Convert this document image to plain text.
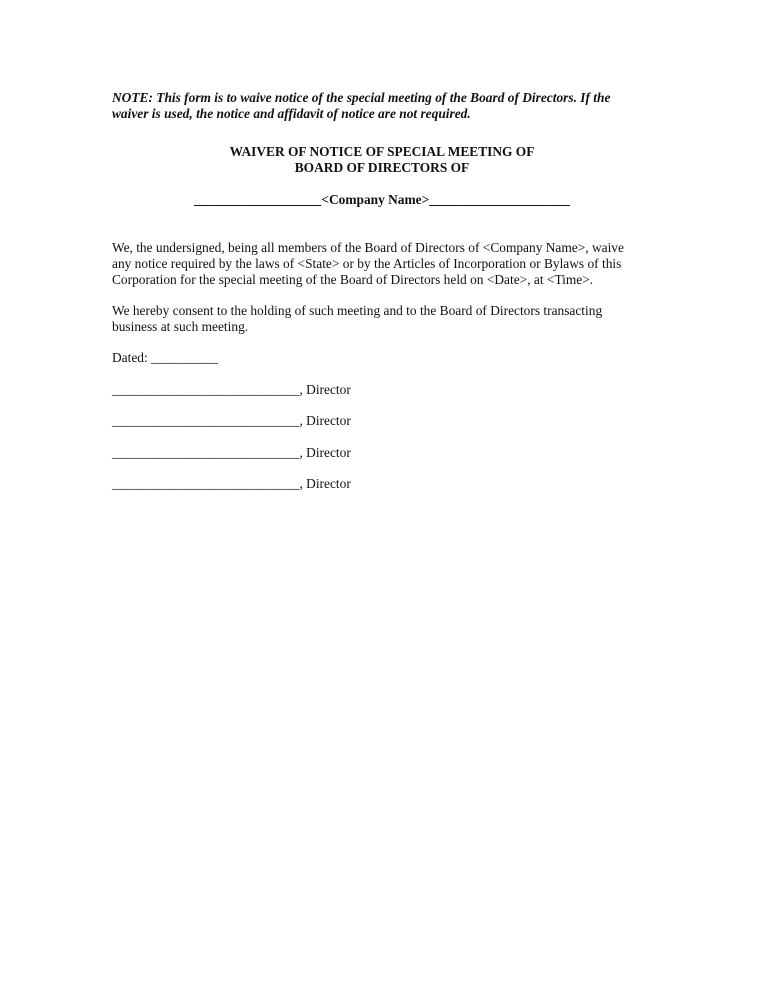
NOTE: This form is to waive notice of the special meeting of the Board of Directors. If the
waiver is used, the notice and affidavit of notice are not required.

WAIVER OF NOTICE OF SPECIAL MEETING OF
BOARD OF DIRECTORS OF
___________________<Company Name>_____________________

We, the undersigned, being all members of the Board of Directors of <Company Name>, waive
any notice required by the laws of <State> or by the Articles of Incorporation or Bylaws of this
Corporation for the special meeting of the Board of Directors held on <Date>, at <Time>.

We hereby consent to the holding of such meeting and to the Board of Directors transacting
business at such meeting.

Dated: __________
____________________________, Director
____________________________, Director
____________________________, Director
____________________________, Director
